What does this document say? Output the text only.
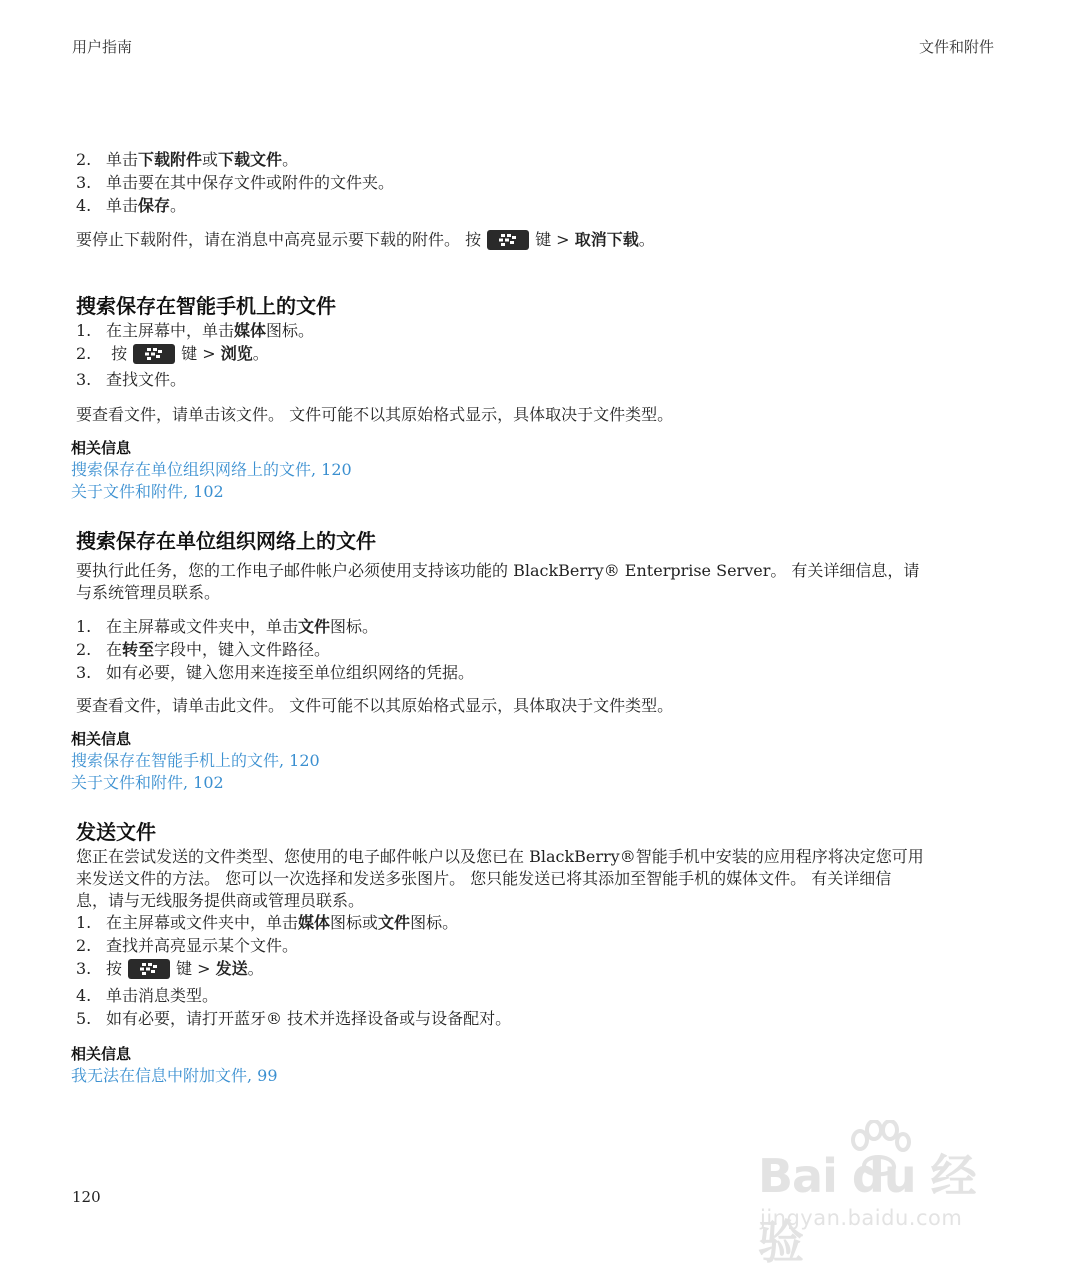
用户指南	文件和附件
2. 单击下载附件或下载文件。
3. 单击要在其中保存文件或附件的文件夹。
4. 单击保存。
要停止下载附件，请在消息中高亮显示要下载的附件。 按	键 > 取消下载。
搜索保存在智能手机上的文件
1. 在主屏幕中，单击媒体图标。
2. 按	键 > 浏览。
3. 查找文件。
要查看文件，请单击该文件。 文件可能不以其原始格式显示，具体取决于文件类型。
相关信息
搜索保存在单位组织网络上的文件, 120
关于文件和附件, 102
搜索保存在单位组织网络上的文件
要执行此任务，您的工作电子邮件帐户必须使用支持该功能的 BlackBerry® Enterprise Server。 有关详细信息，请
与系统管理员联系。
1. 在主屏幕或文件夹中，单击文件图标。
2. 在转至字段中，键入文件路径。
3. 如有必要，键入您用来连接至单位组织网络的凭据。
要查看文件，请单击此文件。 文件可能不以其原始格式显示，具体取决于文件类型。
相关信息
搜索保存在智能手机上的文件, 120
关于文件和附件, 102
发送文件
您正在尝试发送的文件类型、您使用的电子邮件帐户以及您已在 BlackBerry®智能手机中安装的应用程序将决定您可用
来发送文件的方法。 您可以一次选择和发送多张图片。 您只能发送已将其添加至智能手机的媒体文件。 有关详细信
息，请与无线服务提供商或管理员联系。
1. 在主屏幕或文件夹中，单击媒体图标或文件图标。
2. 查找并高亮显示某个文件。
3. 按	键 > 发送。
4. 单击消息类型。
5. 如有必要，请打开蓝牙® 技术并选择设备或与设备配对。
相关信息
我无法在信息中附加文件, 99
120	Bai du 经验
jingyan.baidu.com
